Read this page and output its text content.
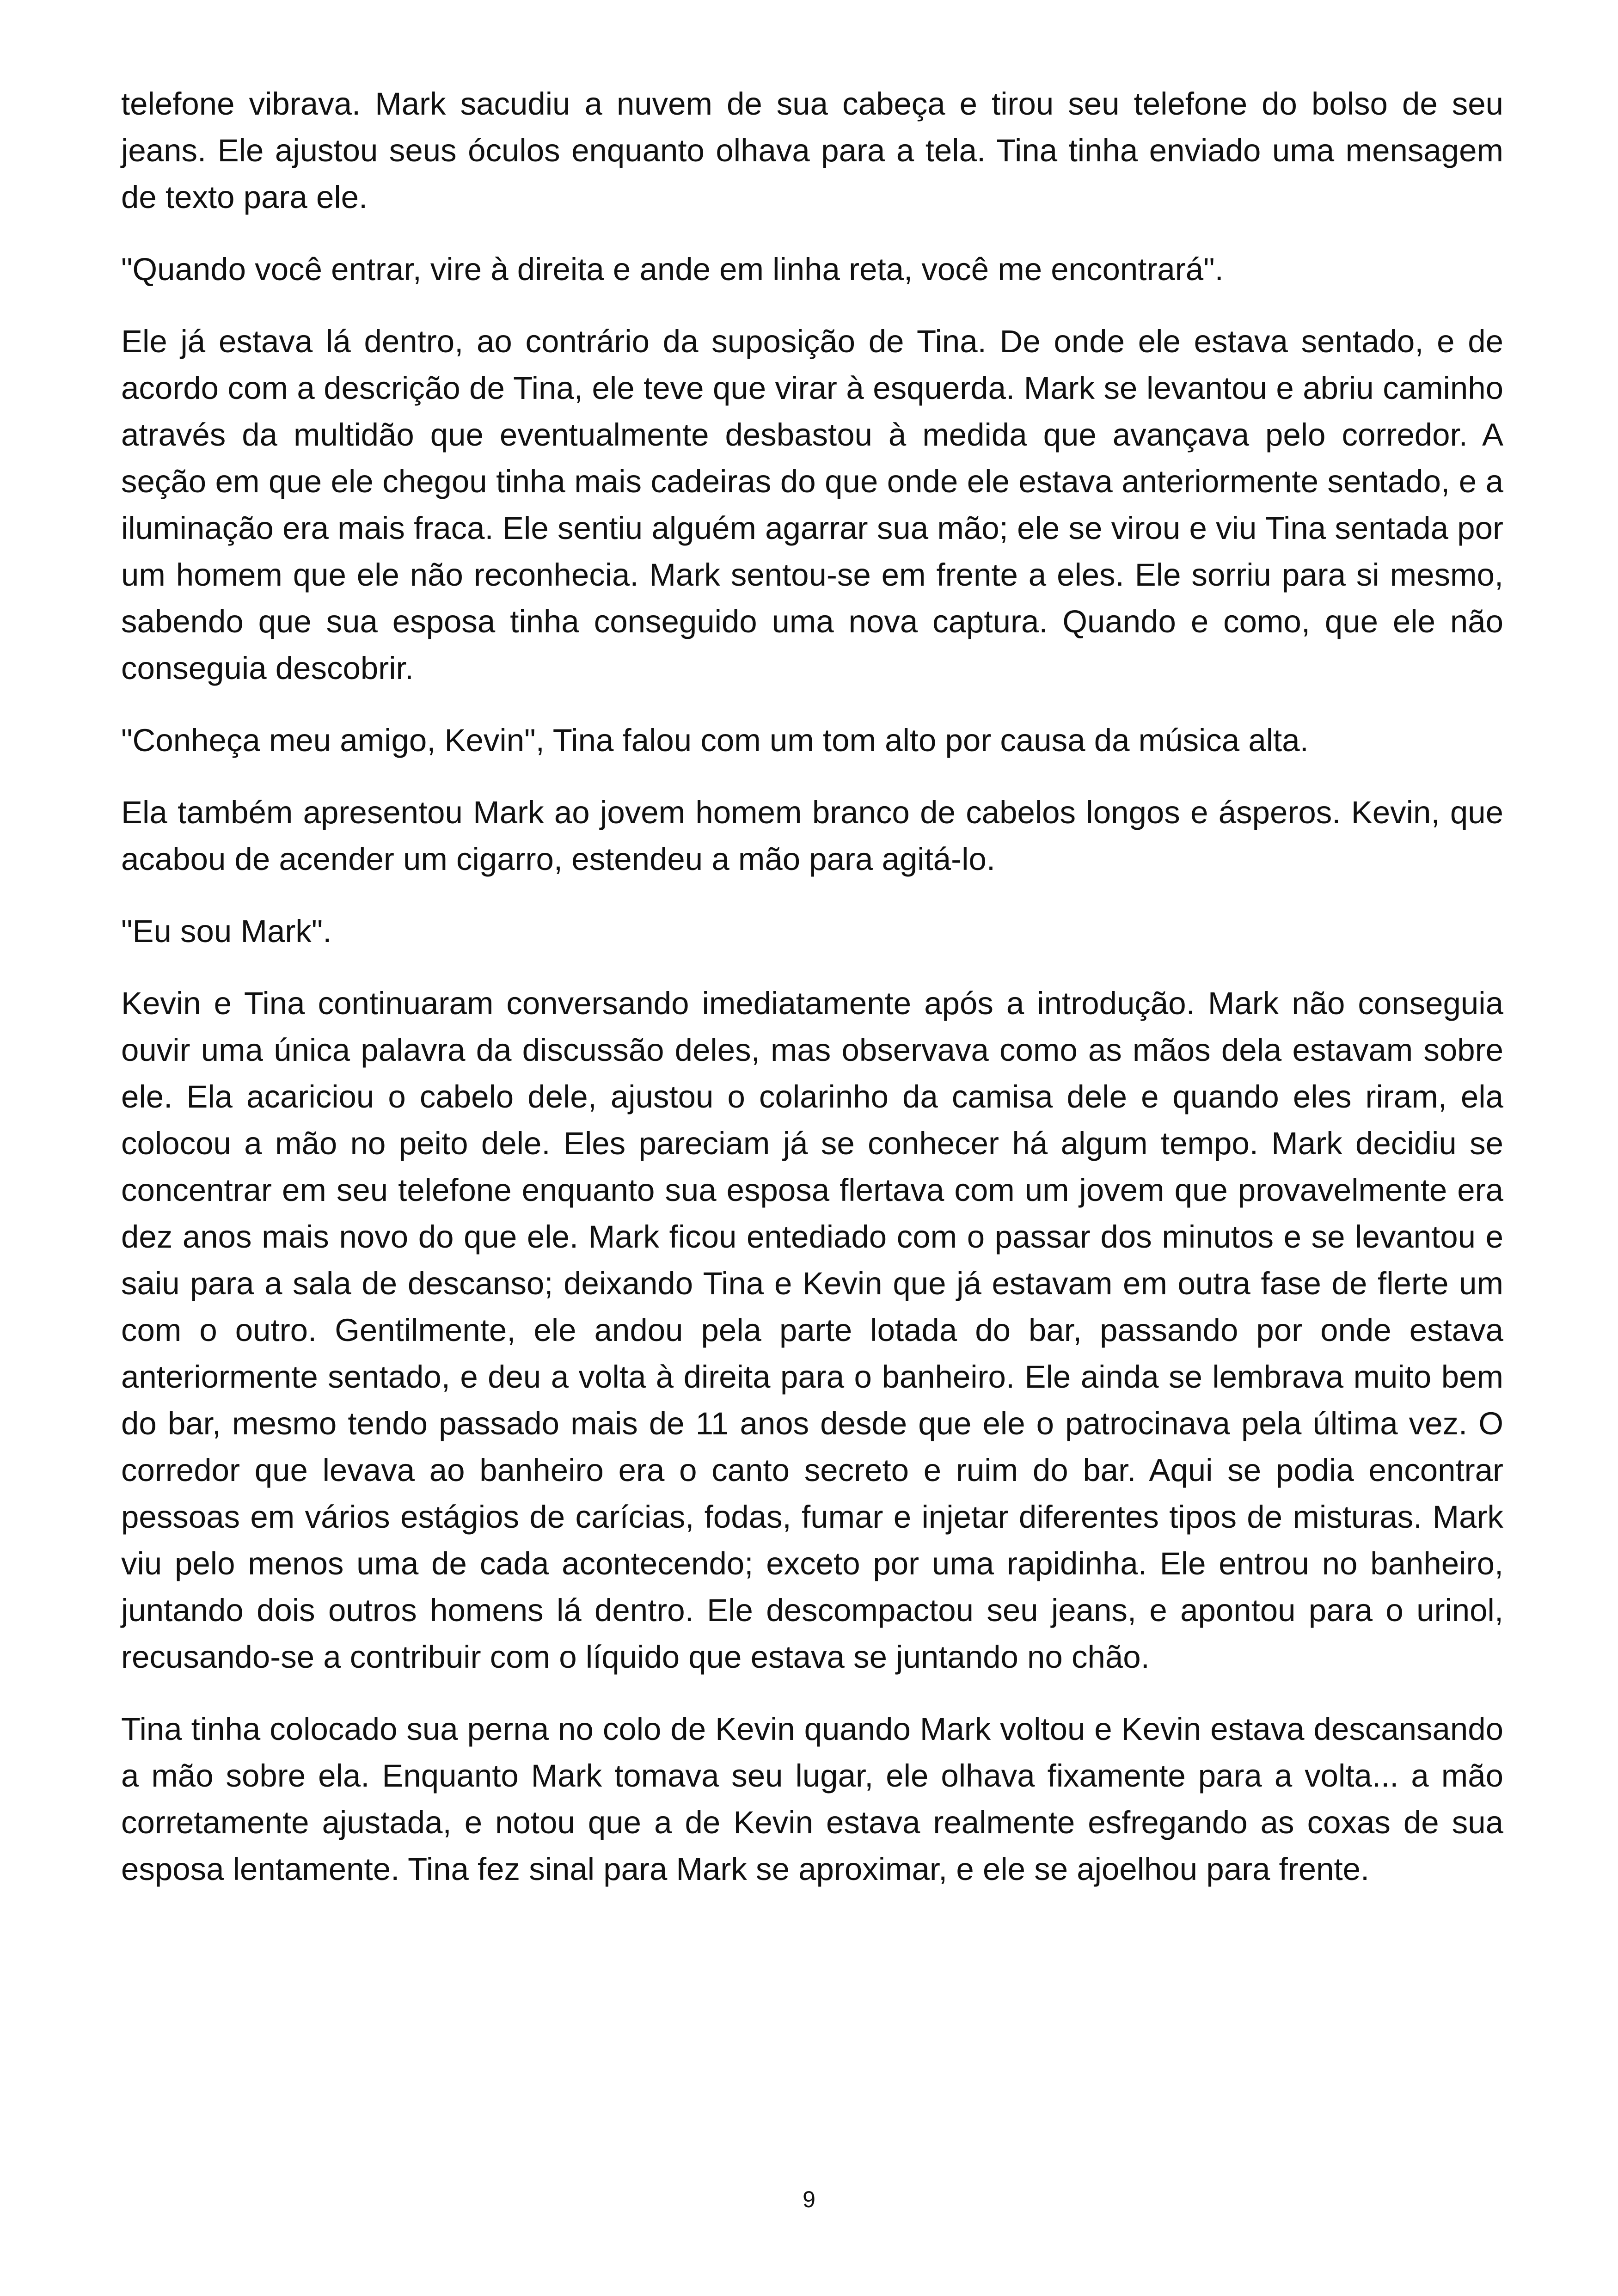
telefone vibrava. Mark sacudiu a nuvem de sua cabeça e tirou seu telefone do bolso de seu jeans. Ele ajustou seus óculos enquanto olhava para a tela. Tina tinha enviado uma mensagem de texto para ele.

"Quando você entrar, vire à direita e ande em linha reta, você me encontrará".

Ele já estava lá dentro, ao contrário da suposição de Tina. De onde ele estava sentado, e de acordo com a descrição de Tina, ele teve que virar à esquerda. Mark se levantou e abriu caminho através da multidão que eventualmente desbastou à medida que avançava pelo corredor. A seção em que ele chegou tinha mais cadeiras do que onde ele estava anteriormente sentado, e a iluminação era mais fraca. Ele sentiu alguém agarrar sua mão; ele se virou e viu Tina sentada por um homem que ele não reconhecia. Mark sentou-se em frente a eles. Ele sorriu para si mesmo, sabendo que sua esposa tinha conseguido uma nova captura. Quando e como, que ele não conseguia descobrir.

"Conheça meu amigo, Kevin", Tina falou com um tom alto por causa da música alta.

Ela também apresentou Mark ao jovem homem branco de cabelos longos e ásperos. Kevin, que acabou de acender um cigarro, estendeu a mão para agitá-lo.

"Eu sou Mark".

Kevin e Tina continuaram conversando imediatamente após a introdução. Mark não conseguia ouvir uma única palavra da discussão deles, mas observava como as mãos dela estavam sobre ele. Ela acariciou o cabelo dele, ajustou o colarinho da camisa dele e quando eles riram, ela colocou a mão no peito dele. Eles pareciam já se conhecer há algum tempo. Mark decidiu se concentrar em seu telefone enquanto sua esposa flertava com um jovem que provavelmente era dez anos mais novo do que ele. Mark ficou entediado com o passar dos minutos e se levantou e saiu para a sala de descanso; deixando Tina e Kevin que já estavam em outra fase de flerte um com o outro. Gentilmente, ele andou pela parte lotada do bar, passando por onde estava anteriormente sentado, e deu a volta à direita para o banheiro. Ele ainda se lembrava muito bem do bar, mesmo tendo passado mais de 11 anos desde que ele o patrocinava pela última vez. O corredor que levava ao banheiro era o canto secreto e ruim do bar. Aqui se podia encontrar pessoas em vários estágios de carícias, fodas, fumar e injetar diferentes tipos de misturas. Mark viu pelo menos uma de cada acontecendo; exceto por uma rapidinha. Ele entrou no banheiro, juntando dois outros homens lá dentro. Ele descompactou seu jeans, e apontou para o urinol, recusando-se a contribuir com o líquido que estava se juntando no chão.

Tina tinha colocado sua perna no colo de Kevin quando Mark voltou e Kevin estava descansando a mão sobre ela. Enquanto Mark tomava seu lugar, ele olhava fixamente para a volta... a mão corretamente ajustada, e notou que a de Kevin estava realmente esfregando as coxas de sua esposa lentamente. Tina fez sinal para Mark se aproximar, e ele se ajoelhou para frente.

9
